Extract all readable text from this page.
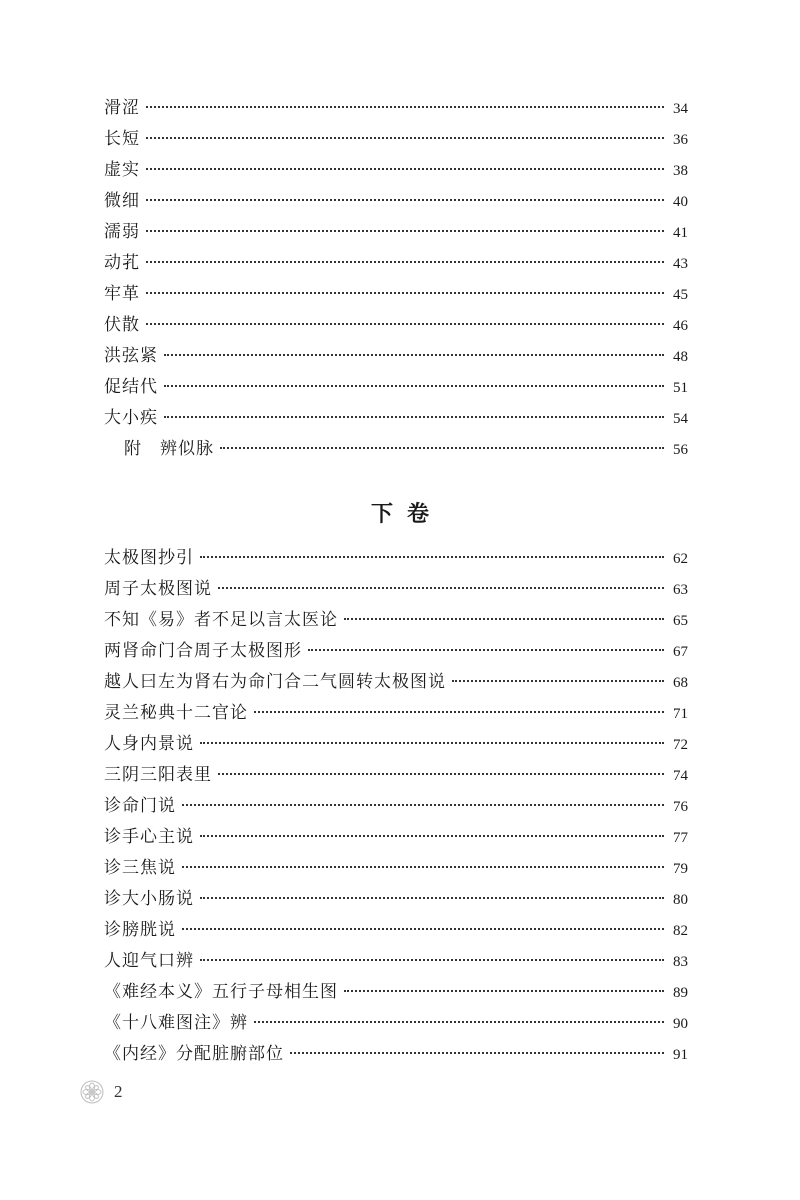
滑涩	34
长短	36
虚实	38
微细	40
濡弱	41
动芤	43
牢革	45
伏散	46
洪弦紧	48
促结代	51
大小疾	54
附　辨似脉	56
下卷
太极图抄引	62
周子太极图说	63
不知《易》者不足以言太医论	65
两肾命门合周子太极图形	67
越人曰左为肾右为命门合二气圆转太极图说	68
灵兰秘典十二官论	71
人身内景说	72
三阴三阳表里	74
诊命门说	76
诊手心主说	77
诊三焦说	79
诊大小肠说	80
诊膀胱说	82
人迎气口辨	83
《难经本义》五行子母相生图	89
《十八难图注》辨	90
《内经》分配脏腑部位	91
2
